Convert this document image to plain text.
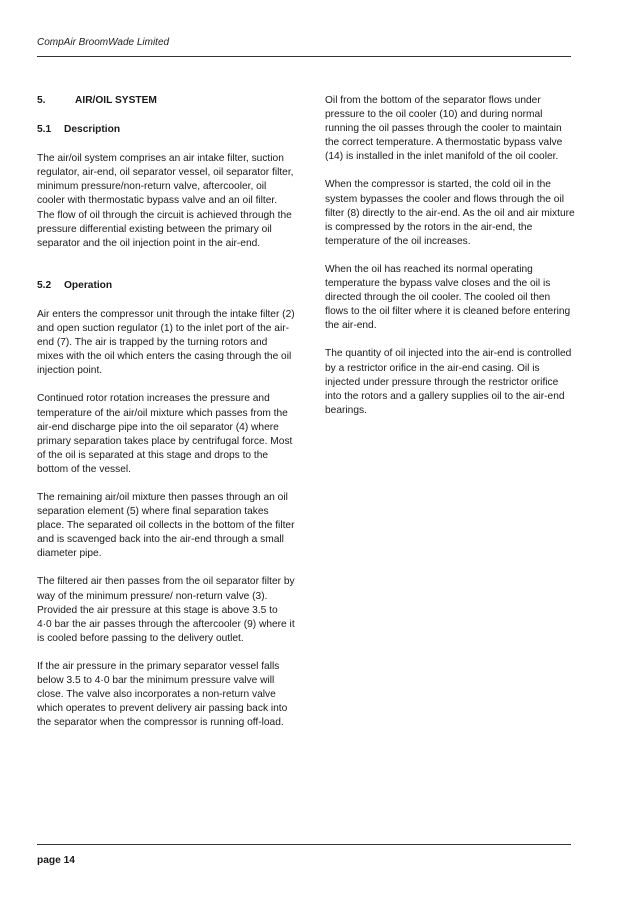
CompAir BroomWade Limited
5.	AIR/OIL SYSTEM
5.1	Description

The air/oil system comprises an air intake filter, suction regulator, air-end, oil separator vessel, oil separator filter, minimum pressure/non-return valve, aftercooler, oil cooler with thermostatic bypass valve and an oil filter. The flow of oil through the circuit is achieved through the pressure differential existing between the primary oil separator and the oil injection point in the air-end.

5.2	Operation

Air enters the compressor unit through the intake filter (2) and open suction regulator (1) to the inlet port of the air-end (7). The air is trapped by the turning rotors and mixes with the oil which enters the casing through the oil injection point.

Continued rotor rotation increases the pressure and temperature of the air/oil mixture which passes from the air-end discharge pipe into the oil separator (4) where primary separation takes place by centrifugal force. Most of the oil is separated at this stage and drops to the bottom of the vessel.

The remaining air/oil mixture then passes through an oil separation element (5) where final separation takes place. The separated oil collects in the bottom of the filter and is scavenged back into the air-end through a small diameter pipe.

The filtered air then passes from the oil separator filter by way of the minimum pressure/ non-return valve (3). Provided the air pressure at this stage is above 3.5 to 4·0 bar the air passes through the aftercooler (9) where it is cooled before passing to the delivery outlet.

If the air pressure in the primary separator vessel falls below 3.5 to 4·0 bar the minimum pressure valve will close. The valve also incorporates a non-return valve which operates to prevent delivery air passing back into the separator when the compressor is running off-load.

Oil from the bottom of the separator flows under pressure to the oil cooler (10) and during normal running the oil passes through the cooler to maintain the correct temperature. A thermostatic bypass valve (14) is installed in the inlet manifold of the oil cooler.

When the compressor is started, the cold oil in the system bypasses the cooler and flows through the oil filter (8) directly to the air-end. As the oil and air mixture is compressed by the rotors in the air-end, the temperature of the oil increases.

When the oil has reached its normal operating temperature the bypass valve closes and the oil is directed through the oil cooler. The cooled oil then flows to the oil filter where it is cleaned before entering the air-end.

The quantity of oil injected into the air-end is controlled by a restrictor orifice in the air-end casing. Oil is injected under pressure through the restrictor orifice into the rotors and a gallery supplies oil to the air-end bearings.

page 14
